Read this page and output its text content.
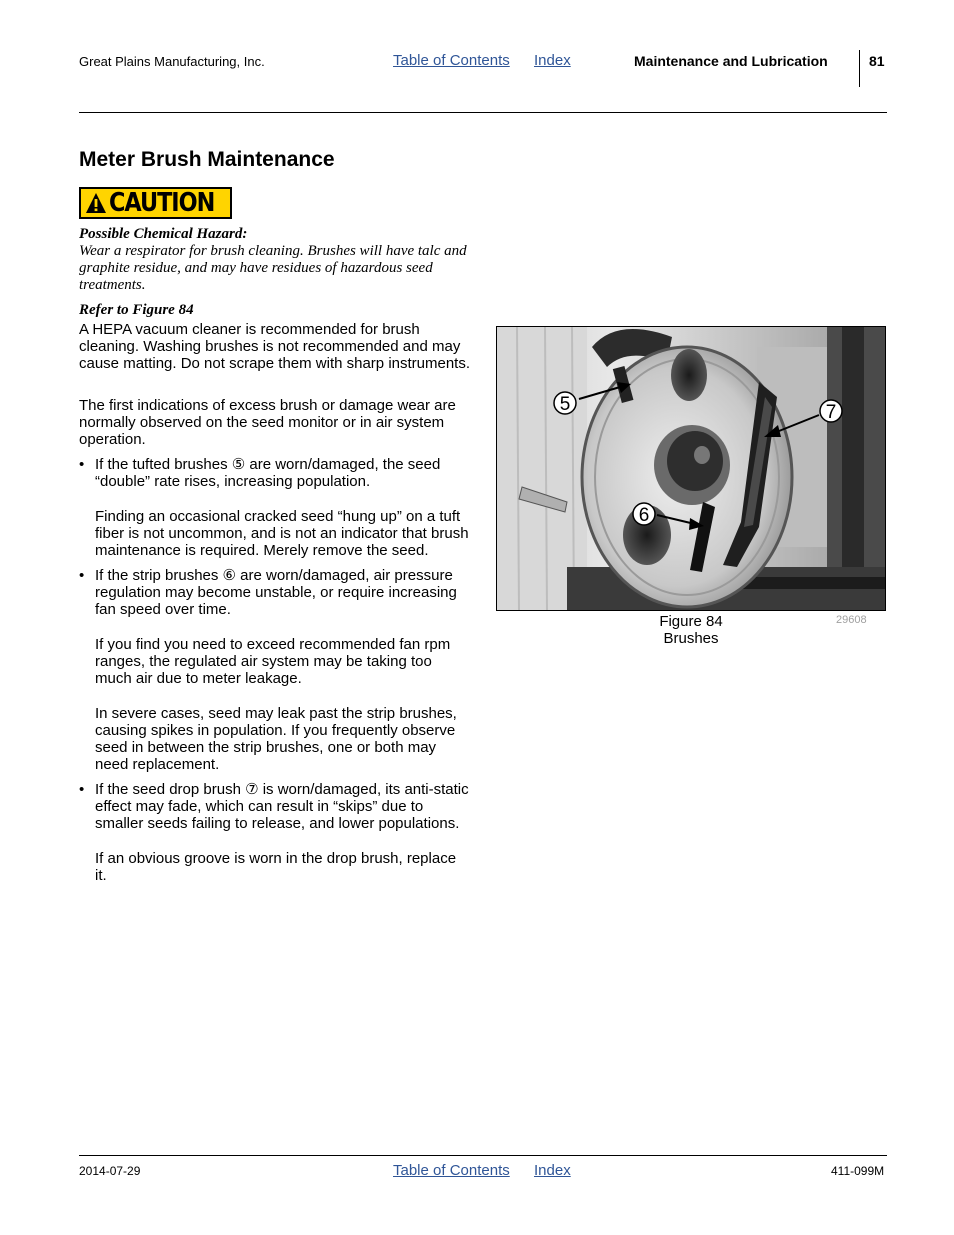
Great Plains Manufacturing, Inc.	Table of Contents Index	Maintenance and Lubrication	81
Meter Brush Maintenance
CAUTION
Possible Chemical Hazard:
Wear a respirator for brush cleaning. Brushes will have talc and graphite residue, and may have residues of hazardous seed treatments.
Refer to Figure 84

A HEPA vacuum cleaner is recommended for brush cleaning. Washing brushes is not recommended and may cause matting. Do not scrape them with sharp instruments.

The first indications of excess brush or damage wear are normally observed on the seed monitor or in air system operation.

• If the tufted brushes ⑤ are worn/damaged, the seed “double” rate rises, increasing population.
Finding an occasional cracked seed “hung up” on a tuft fiber is not uncommon, and is not an indicator that brush maintenance is required. Merely remove the seed.
• If the strip brushes ⑥ are worn/damaged, air pressure regulation may become unstable, or require increasing fan speed over time.
If you find you need to exceed recommended fan rpm ranges, the regulated air system may be taking too much air due to meter leakage.
In severe cases, seed may leak past the strip brushes, causing spikes in population. If you frequently observe seed in between the strip brushes, one or both may need replacement.
• If the seed drop brush ⑦ is worn/damaged, its anti-static effect may fade, which can result in “skips” due to smaller seeds failing to release, and lower populations.
If an obvious groove is worn in the drop brush, replace it.
5	7
6
Figure 84
Brushes
29608
2014-07-29	Table of Contents Index	411-099M
